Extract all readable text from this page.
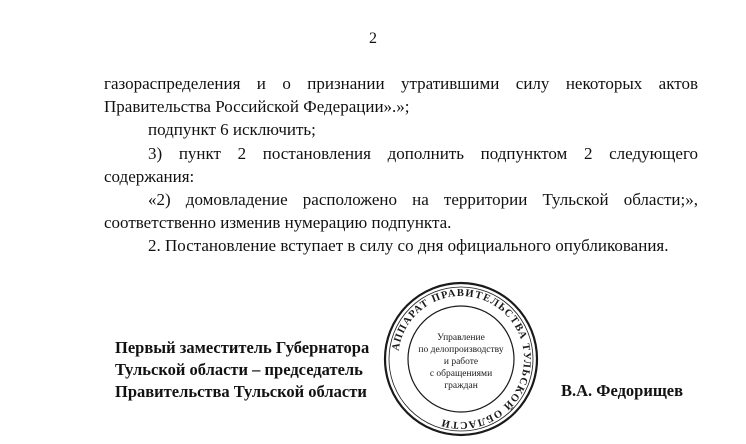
2
газораспределения и о признании утратившими силу некоторых актов
Правительства Российской Федерации».»;
подпункт 6 исключить;
3) пункт 2 постановления дополнить подпунктом 2 следующего
содержания:
«2) домовладение расположено на территории Тульской области;»,
соответственно изменив нумерацию подпункта.
2. Постановление вступает в силу со дня официального опубликования.
Первый заместитель Губернатора
Тульской области – председатель
Правительства Тульской области	В.А. Федорищев
АППАРАТ ПРАВИТЕЛЬСТВА ТУЛЬСКОЙ ОБЛАСТИ
Управление
по делопроизводству
и работе
с обращениями
граждан
